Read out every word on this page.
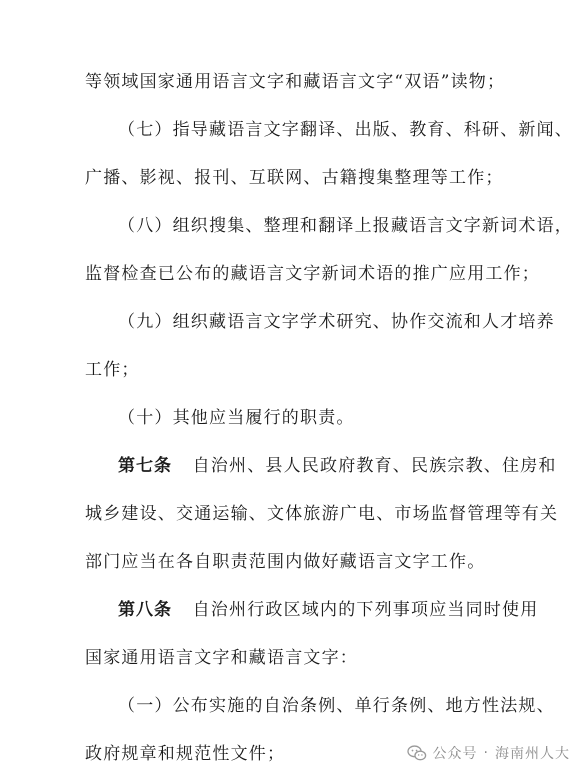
等领域国家通用语言文字和藏语言文字“双语”读物；
（七）指导藏语言文字翻译、出版、教育、科研、新闻、
广播、影视、报刊、互联网、古籍搜集整理等工作；
（八）组织搜集、整理和翻译上报藏语言文字新词术语，
监督检查已公布的藏语言文字新词术语的推广应用工作；
（九）组织藏语言文字学术研究、协作交流和人才培养
工作；
（十）其他应当履行的职责。
第七条 自治州、县人民政府教育、民族宗教、住房和
城乡建设、交通运输、文体旅游广电、市场监督管理等有关
部门应当在各自职责范围内做好藏语言文字工作。
第八条 自治州行政区域内的下列事项应当同时使用
国家通用语言文字和藏语言文字：
（一）公布实施的自治条例、单行条例、地方性法规、
政府规章和规范性文件；	公众号 · 海南州人大
